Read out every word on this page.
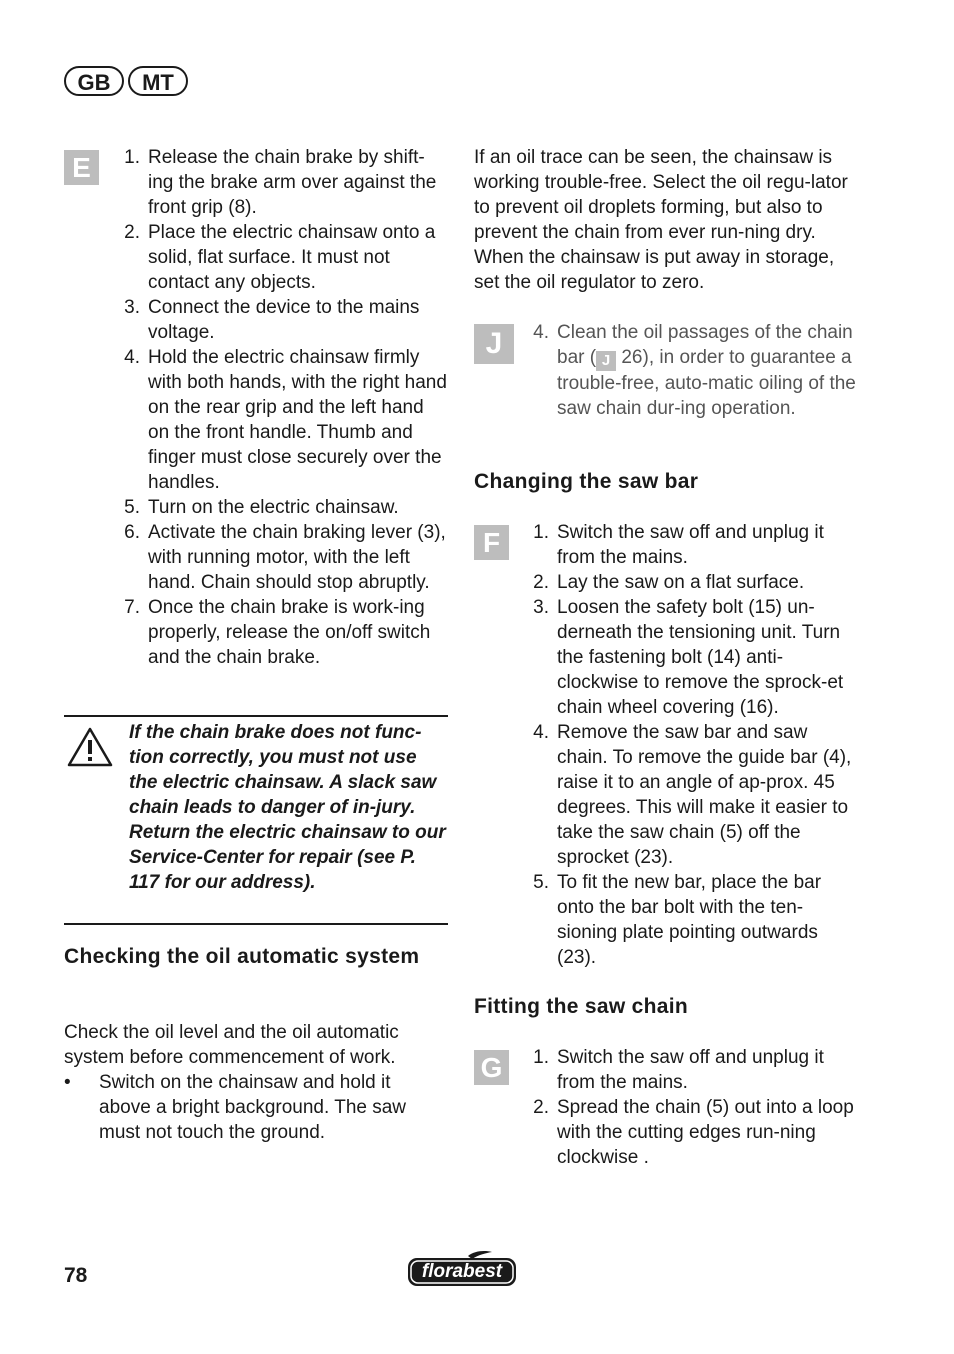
GB	MT
E	1. Release the chain brake by shift-ing the brake arm over against the front grip (8).
2. Place the electric chainsaw onto a solid, flat surface. It must not contact any objects.
3. Connect the device to the mains voltage.
4. Hold the electric chainsaw firmly with both hands, with the right hand on the rear grip and the left hand on the front handle. Thumb and finger must close securely over the handles.
5. Turn on the electric chainsaw.
6. Activate the chain braking lever (3), with running motor, with the left hand. Chain should stop abruptly.
7. Once the chain brake is work-ing properly, release the on/off switch and the chain brake.
If the chain brake does not func-tion correctly, you must not use the electric chainsaw. A slack saw chain leads to danger of in-jury.
Return the electric chainsaw to our Service-Center for repair (see P. 117 for our address).
Checking the oil automatic system
Check the oil level and the oil automatic system before commencement of work.
•	Switch on the chainsaw and hold it above a bright background. The saw must not touch the ground.
If an oil trace can be seen, the chainsaw is working trouble-free. Select the oil regu-lator to prevent oil droplets forming, but also to prevent the chain from ever run-ning dry. When the chainsaw is put away in storage, set the oil regulator to zero.
J	4. Clean the oil passages of the chain bar ( J 26), in order to guarantee a trouble-free, auto-matic oiling of the saw chain dur-ing operation.
Changing the saw bar
F	1. Switch the saw off and unplug it from the mains.
2. Lay the saw on a flat surface.
3. Loosen the safety bolt (15) un-derneath the tensioning unit. Turn the fastening bolt (14) anti-clockwise to remove the sprock-et chain wheel covering (16).
4. Remove the saw bar and saw chain. To remove the guide bar (4), raise it to an angle of ap-prox. 45 degrees. This will make it easier to take the saw chain (5) off the sprocket (23).
5. To fit the new bar, place the bar onto the bar bolt with the ten-sioning plate pointing outwards (23).
Fitting the saw chain
G	1. Switch the saw off and unplug it from the mains.
2. Spread the chain (5) out into a loop with the cutting edges run-ning clockwise .
78	florabest
